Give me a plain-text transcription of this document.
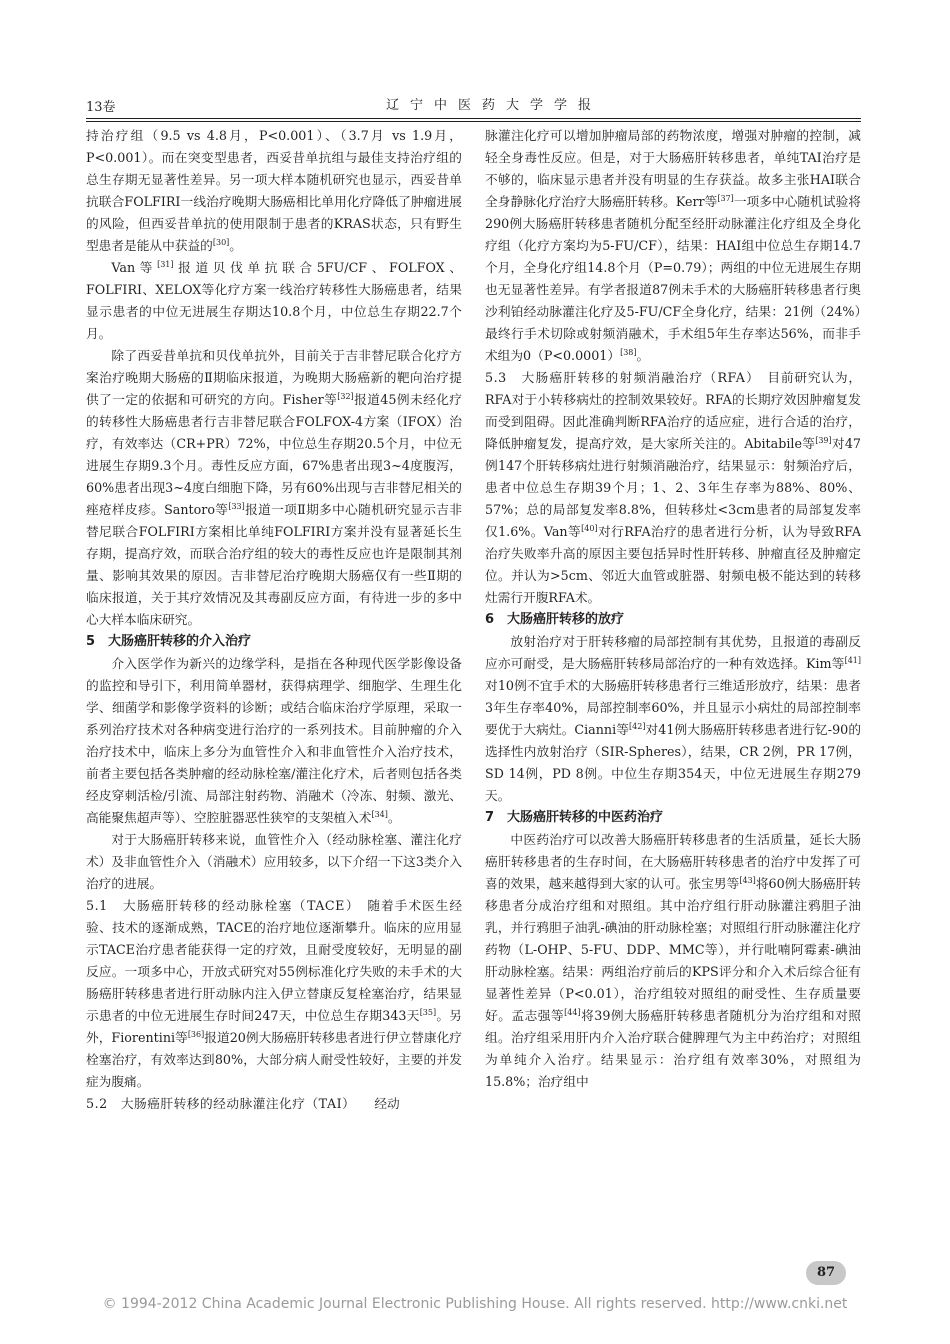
13卷	辽宁中医药大学学报

持治疗组（9.5 vs 4.8月，P<0.001）、（3.7月 vs 1.9月，P<0.001）。而在突变型患者，西妥昔单抗组与最佳支持治疗组的总生存期无显著性差异。另一项大样本随机研究也显示，西妥昔单抗联合FOLFIRI一线治疗晚期大肠癌相比单用化疗降低了肿瘤进展的风险，但西妥昔单抗的使用限制于患者的KRAS状态，只有野生型患者是能从中获益的[30]。

Van等[31]报道贝伐单抗联合5FU/CF、FOLFOX、FOLFIRI、XELOX等化疗方案一线治疗转移性大肠癌患者，结果显示患者的中位无进展生存期达10.8个月，中位总生存期22.7个月。

除了西妥昔单抗和贝伐单抗外，目前关于吉非替尼联合化疗方案治疗晚期大肠癌的Ⅱ期临床报道，为晚期大肠癌新的靶向治疗提供了一定的依据和可研究的方向。Fisher等[32]报道45例未经化疗的转移性大肠癌患者行吉非替尼联合FOLFOX-4方案（IFOX）治疗，有效率达（CR+PR）72%，中位总生存期20.5个月，中位无进展生存期9.3个月。毒性反应方面，67%患者出现3~4度腹泻，60%患者出现3~4度白细胞下降，另有60%出现与吉非替尼相关的痤疮样皮疹。Santoro等[33]报道一项Ⅱ期多中心随机研究显示吉非替尼联合FOLFIRI方案相比单纯FOLFIRI方案并没有显著延长生存期，提高疗效，而联合治疗组的较大的毒性反应也许是限制其剂量、影响其效果的原因。吉非替尼治疗晚期大肠癌仅有一些Ⅱ期的临床报道，关于其疗效情况及其毒副反应方面，有待进一步的多中心大样本临床研究。

5　大肠癌肝转移的介入治疗

介入医学作为新兴的边缘学科，是指在各种现代医学影像设备的监控和导引下，利用简单器材，获得病理学、细胞学、生理生化学、细菌学和影像学资料的诊断；或结合临床治疗学原理，采取一系列治疗技术对各种病变进行治疗的一系列技术。目前肿瘤的介入治疗技术中，临床上多分为血管性介入和非血管性介入治疗技术，前者主要包括各类肿瘤的经动脉栓塞/灌注化疗术，后者则包括各类经皮穿刺活检/引流、局部注射药物、消融术（冷冻、射频、激光、高能聚焦超声等）、空腔脏器恶性狭窄的支架植入术[34]。

对于大肠癌肝转移来说，血管性介入（经动脉栓塞、灌注化疗术）及非血管性介入（消融术）应用较多，以下介绍一下这3类介入治疗的进展。

5.1　大肠癌肝转移的经动脉栓塞（TACE）　 随着手术医生经验、技术的逐渐成熟，TACE的治疗地位逐渐攀升。临床的应用显示TACE治疗患者能获得一定的疗效，且耐受度较好，无明显的副反应。一项多中心，开放式研究对55例标准化疗失败的未手术的大肠癌肝转移患者进行肝动脉内注入伊立替康反复栓塞治疗，结果显示患者的中位无进展生存时间247天，中位总生存期343天[35]。另外，Fiorentini等[36]报道20例大肠癌肝转移患者进行伊立替康化疗栓塞治疗，有效率达到80%，大部分病人耐受性较好，主要的并发症为腹痛。

5.2　大肠癌肝转移的经动脉灌注化疗（TAI）　　 经动

脉灌注化疗可以增加肿瘤局部的药物浓度，增强对肿瘤的控制，减轻全身毒性反应。但是，对于大肠癌肝转移患者，单纯TAI治疗是不够的，临床显示患者并没有明显的生存获益。故多主张HAI联合全身静脉化疗治疗大肠癌肝转移。Kerr等[37]一项多中心随机试验将290例大肠癌肝转移患者随机分配至经肝动脉灌注化疗组及全身化疗组（化疗方案均为5-FU/CF），结果：HAI组中位总生存期14.7个月，全身化疗组14.8个月（P=0.79）；两组的中位无进展生存期也无显著性差异。有学者报道87例未手术的大肠癌肝转移患者行奥沙利铂经动脉灌注化疗及5-FU/CF全身化疗，结果：21例（24%）最终行手术切除或射频消融术，手术组5年生存率达56%，而非手术组为0（P<0.0001）[38]。

5.3　大肠癌肝转移的射频消融治疗（RFA）　 目前研究认为，RFA对于小转移病灶的控制效果较好。RFA的长期疗效因肿瘤复发而受到阻碍。因此准确判断RFA治疗的适应症，进行合适的治疗，降低肿瘤复发，提高疗效，是大家所关注的。Abitabile等[39]对47例147个肝转移病灶进行射频消融治疗，结果显示：射频治疗后，患者中位总生存期39个月；1、2、3年生存率为88%、80%、57%；总的局部复发率8.8%，但转移灶<3cm患者的局部复发率仅1.6%。Van等[40]对行RFA治疗的患者进行分析，认为导致RFA治疗失败率升高的原因主要包括异时性肝转移、肿瘤直径及肿瘤定位。并认为>5cm、邻近大血管或脏器、射频电极不能达到的转移灶需行开腹RFA术。

6　大肠癌肝转移的放疗

放射治疗对于肝转移瘤的局部控制有其优势，且报道的毒副反应亦可耐受，是大肠癌肝转移局部治疗的一种有效选择。Kim等[41]对10例不宜手术的大肠癌肝转移患者行三维适形放疗，结果：患者3年生存率40%，局部控制率60%，并且显示小病灶的局部控制率要优于大病灶。Cianni等[42]对41例大肠癌肝转移患者进行钇-90的选择性内放射治疗（SIR-Spheres），结果，CR 2例，PR 17例，SD 14例，PD 8例。中位生存期354天，中位无进展生存期279天。

7　大肠癌肝转移的中医药治疗

中医药治疗可以改善大肠癌肝转移患者的生活质量，延长大肠癌肝转移患者的生存时间，在大肠癌肝转移患者的治疗中发挥了可喜的效果，越来越得到大家的认可。张宝男等[43]将60例大肠癌肝转移患者分成治疗组和对照组。其中治疗组行肝动脉灌注鸦胆子油乳，并行鸦胆子油乳-碘油的肝动脉栓塞；对照组行肝动脉灌注化疗药物（L-OHP、5-FU、DDP、MMC等），并行吡喃阿霉素-碘油肝动脉栓塞。结果：两组治疗前后的KPS评分和介入术后综合征有显著性差异（P<0.01），治疗组较对照组的耐受性、生存质量要好。孟志强等[44]将39例大肠癌肝转移患者随机分为治疗组和对照组。治疗组采用肝内介入治疗联合健脾理气为主中药治疗；对照组为单纯介入治疗。结果显示：治疗组有效率30%，对照组为15.8%；治疗组中

87
© 1994-2012 China Academic Journal Electronic Publishing House. All rights reserved. http://www.cnki.net
